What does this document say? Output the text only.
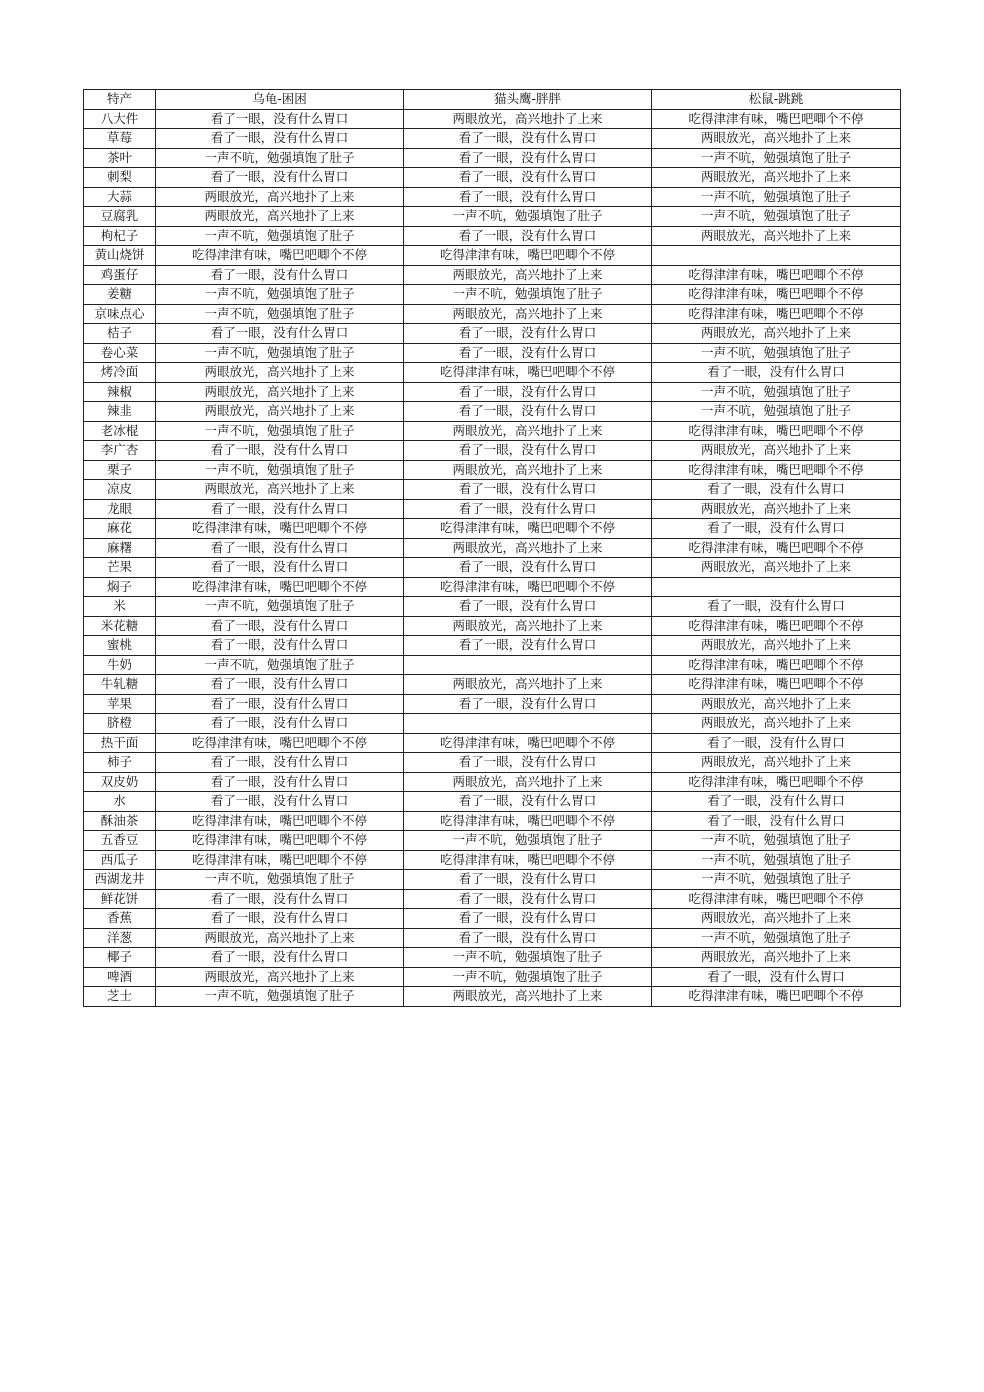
特产	乌龟-困困	猫头鹰-胖胖	松鼠-跳跳
八大件	看了一眼，没有什么胃口	两眼放光，高兴地扑了上来	吃得津津有味，嘴巴吧唧个不停
草莓	看了一眼，没有什么胃口	看了一眼，没有什么胃口	两眼放光，高兴地扑了上来
茶叶	一声不吭，勉强填饱了肚子	看了一眼，没有什么胃口	一声不吭，勉强填饱了肚子
刺梨	看了一眼，没有什么胃口	看了一眼，没有什么胃口	两眼放光，高兴地扑了上来
大蒜	两眼放光，高兴地扑了上来	看了一眼，没有什么胃口	一声不吭，勉强填饱了肚子
豆腐乳	两眼放光，高兴地扑了上来	一声不吭，勉强填饱了肚子	一声不吭，勉强填饱了肚子
枸杞子	一声不吭，勉强填饱了肚子	看了一眼，没有什么胃口	两眼放光，高兴地扑了上来
黄山烧饼	吃得津津有味，嘴巴吧唧个不停	吃得津津有味，嘴巴吧唧个不停	
鸡蛋仔	看了一眼，没有什么胃口	两眼放光，高兴地扑了上来	吃得津津有味，嘴巴吧唧个不停
姜糖	一声不吭，勉强填饱了肚子	一声不吭，勉强填饱了肚子	吃得津津有味，嘴巴吧唧个不停
京味点心	一声不吭，勉强填饱了肚子	两眼放光，高兴地扑了上来	吃得津津有味，嘴巴吧唧个不停
桔子	看了一眼，没有什么胃口	看了一眼，没有什么胃口	两眼放光，高兴地扑了上来
卷心菜	一声不吭，勉强填饱了肚子	看了一眼，没有什么胃口	一声不吭，勉强填饱了肚子
烤冷面	两眼放光，高兴地扑了上来	吃得津津有味，嘴巴吧唧个不停	看了一眼，没有什么胃口
辣椒	两眼放光，高兴地扑了上来	看了一眼，没有什么胃口	一声不吭，勉强填饱了肚子
辣韭	两眼放光，高兴地扑了上来	看了一眼，没有什么胃口	一声不吭，勉强填饱了肚子
老冰棍	一声不吭，勉强填饱了肚子	两眼放光，高兴地扑了上来	吃得津津有味，嘴巴吧唧个不停
李广杏	看了一眼，没有什么胃口	看了一眼，没有什么胃口	两眼放光，高兴地扑了上来
栗子	一声不吭，勉强填饱了肚子	两眼放光，高兴地扑了上来	吃得津津有味，嘴巴吧唧个不停
凉皮	两眼放光，高兴地扑了上来	看了一眼，没有什么胃口	看了一眼，没有什么胃口
龙眼	看了一眼，没有什么胃口	看了一眼，没有什么胃口	两眼放光，高兴地扑了上来
麻花	吃得津津有味，嘴巴吧唧个不停	吃得津津有味，嘴巴吧唧个不停	看了一眼，没有什么胃口
麻糬	看了一眼，没有什么胃口	两眼放光，高兴地扑了上来	吃得津津有味，嘴巴吧唧个不停
芒果	看了一眼，没有什么胃口	看了一眼，没有什么胃口	两眼放光，高兴地扑了上来
焖子	吃得津津有味，嘴巴吧唧个不停	吃得津津有味，嘴巴吧唧个不停	
米	一声不吭，勉强填饱了肚子	看了一眼，没有什么胃口	看了一眼，没有什么胃口
米花糖	看了一眼，没有什么胃口	两眼放光，高兴地扑了上来	吃得津津有味，嘴巴吧唧个不停
蜜桃	看了一眼，没有什么胃口	看了一眼，没有什么胃口	两眼放光，高兴地扑了上来
牛奶	一声不吭，勉强填饱了肚子		吃得津津有味，嘴巴吧唧个不停
牛轧糖	看了一眼，没有什么胃口	两眼放光，高兴地扑了上来	吃得津津有味，嘴巴吧唧个不停
苹果	看了一眼，没有什么胃口	看了一眼，没有什么胃口	两眼放光，高兴地扑了上来
脐橙	看了一眼，没有什么胃口		两眼放光，高兴地扑了上来
热干面	吃得津津有味，嘴巴吧唧个不停	吃得津津有味，嘴巴吧唧个不停	看了一眼，没有什么胃口
柿子	看了一眼，没有什么胃口	看了一眼，没有什么胃口	两眼放光，高兴地扑了上来
双皮奶	看了一眼，没有什么胃口	两眼放光，高兴地扑了上来	吃得津津有味，嘴巴吧唧个不停
水	看了一眼，没有什么胃口	看了一眼，没有什么胃口	看了一眼，没有什么胃口
酥油茶	吃得津津有味，嘴巴吧唧个不停	吃得津津有味，嘴巴吧唧个不停	看了一眼，没有什么胃口
五香豆	吃得津津有味，嘴巴吧唧个不停	一声不吭，勉强填饱了肚子	一声不吭，勉强填饱了肚子
西瓜子	吃得津津有味，嘴巴吧唧个不停	吃得津津有味，嘴巴吧唧个不停	一声不吭，勉强填饱了肚子
西湖龙井	一声不吭，勉强填饱了肚子	看了一眼，没有什么胃口	一声不吭，勉强填饱了肚子
鲜花饼	看了一眼，没有什么胃口	看了一眼，没有什么胃口	吃得津津有味，嘴巴吧唧个不停
香蕉	看了一眼，没有什么胃口	看了一眼，没有什么胃口	两眼放光，高兴地扑了上来
洋葱	两眼放光，高兴地扑了上来	看了一眼，没有什么胃口	一声不吭，勉强填饱了肚子
椰子	看了一眼，没有什么胃口	一声不吭，勉强填饱了肚子	两眼放光，高兴地扑了上来
啤酒	两眼放光，高兴地扑了上来	一声不吭，勉强填饱了肚子	看了一眼，没有什么胃口
芝士	一声不吭，勉强填饱了肚子	两眼放光，高兴地扑了上来	吃得津津有味，嘴巴吧唧个不停
